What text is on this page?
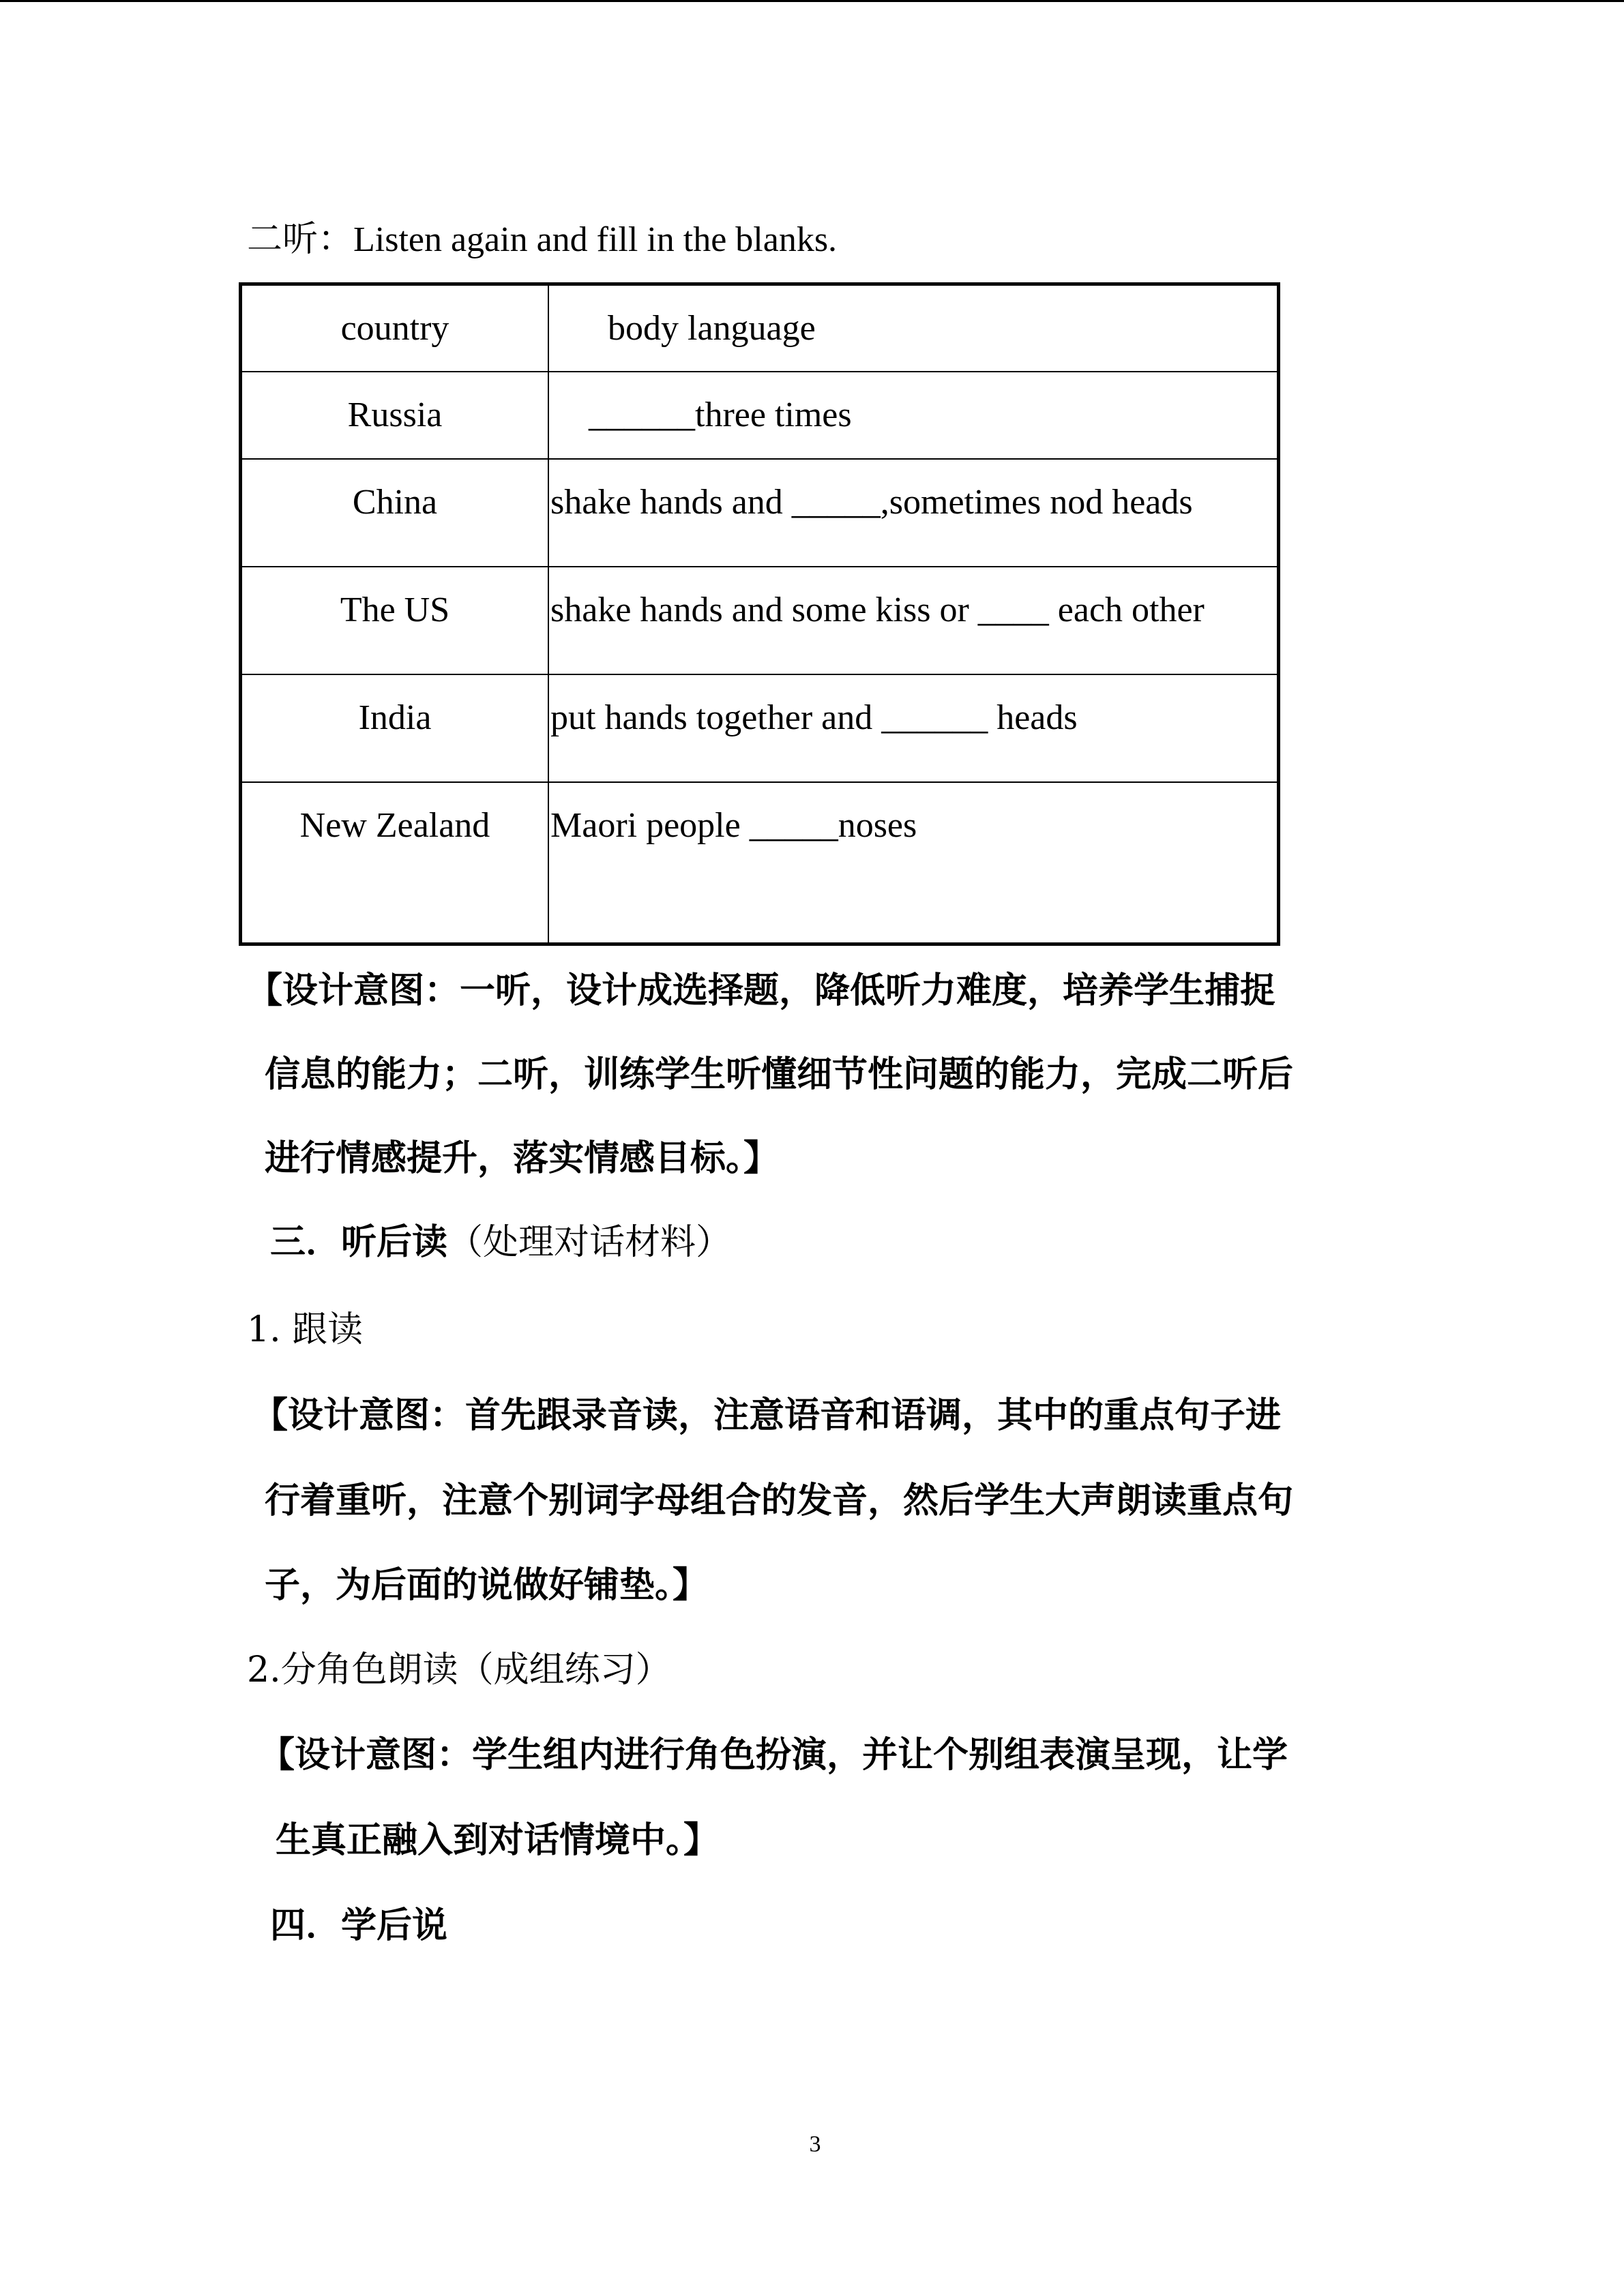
二听：Listen again and fill in the blanks.
country	body language

Russia	______three times

China	shake hands and _____,sometimes nod heads

The US	shake hands and some kiss or ____ each other

India	put hands together and ______ heads

New Zealand	Maori people _____noses
【设计意图：一听，设计成选择题，降低听力难度，培养学生捕捉
信息的能力；二听，训练学生听懂细节性问题的能力，完成二听后
进行情感提升，落实情感目标。】
三．听后读（处理对话材料）
1. 跟读
【设计意图：首先跟录音读，注意语音和语调，其中的重点句子进
行着重听，注意个别词字母组合的发音，然后学生大声朗读重点句
子，为后面的说做好铺垫。】
2.分角色朗读（成组练习）
【设计意图：学生组内进行角色扮演，并让个别组表演呈现，让学
生真正融入到对话情境中。】
四．学后说
3
